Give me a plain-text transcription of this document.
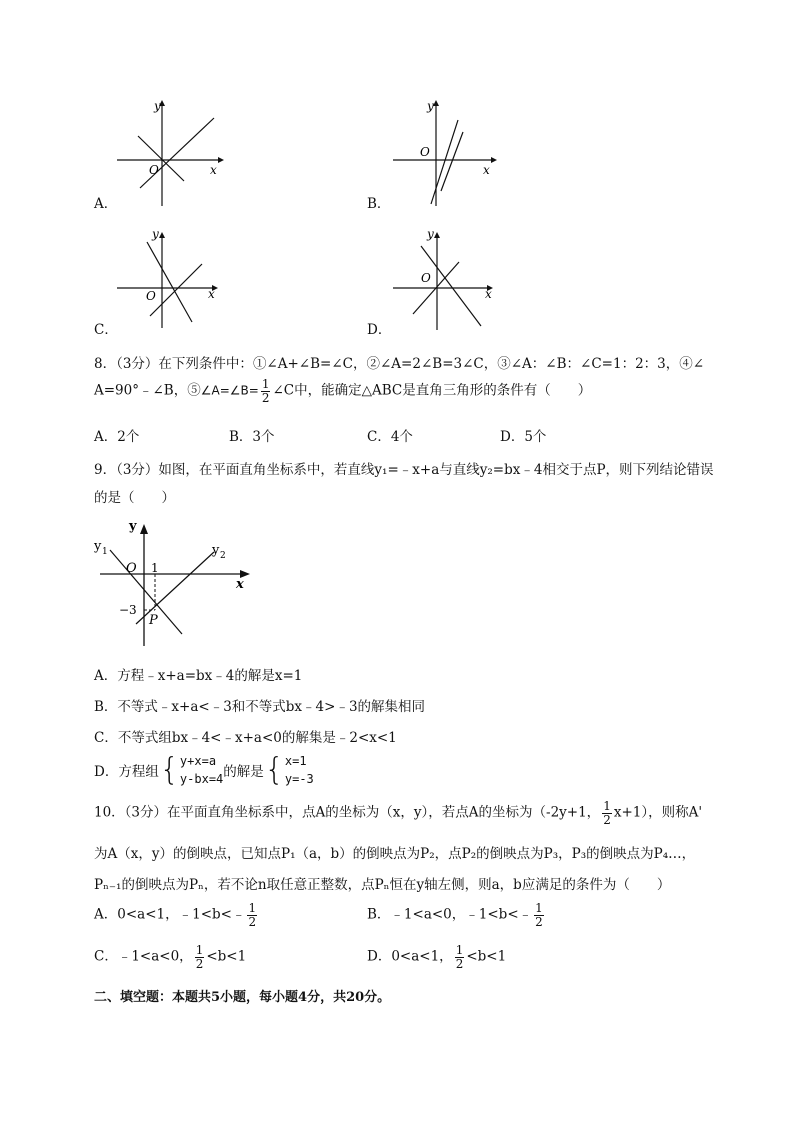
y
x
O
A．
y
x
O
B．
y
x
O
C．
y
x
O
D．
8．（3分）在下列条件中：①∠A+∠B=∠C，②∠A=2∠B=3∠C，③∠A：∠B：∠C=1：2：3，④∠
A=90°﹣∠B，⑤∠A=∠B= $\frac{1}{2}$ ∠C中，能确定△ABC是直角三角形的条件有（　　）
A．2个	B．3个	C．4个	D．5个
9．（3分）如图，在平面直角坐标系中，若直线y₁=﹣x+a与直线y₂=bx﹣4相交于点P，则下列结论错误
的是（　　）
y
x
O 1
−3
P
y 1	y 2
A．方程﹣x+a=bx﹣4的解是x=1
B．不等式﹣x+a<﹣3和不等式bx﹣4>﹣3的解集相同
C．不等式组bx﹣4<﹣x+a<0的解集是﹣2<x<1
D．方程组{ y+x=a
y-bx=4 的解是{ x=1
y=-3
10．（3分）在平面直角坐标系中，点A的坐标为（x，y），若点A的坐标为（-2y+1， $\frac{1}{2} x+1$），则称A'
为A（x，y）的倒映点，已知点P₁（a，b）的倒映点为P₂，点P₂的倒映点为P₃，P₃的倒映点为P₄…，
Pₙ₋₁的倒映点为Pₙ，若不论n取任意正整数，点Pₙ恒在y轴左侧，则a，b应满足的条件为（　　）
A．0<a<1，﹣1<b<﹣ $\frac{1}{2}$	B．﹣1<a<0，﹣1<b<﹣ $\frac{1}{2}$
C．﹣1<a<0， $\frac{1}{2} <b<1$	D．0<a<1， $\frac{1}{2} <b<1$
二、填空题：本题共5小题，每小题4分，共20分。
